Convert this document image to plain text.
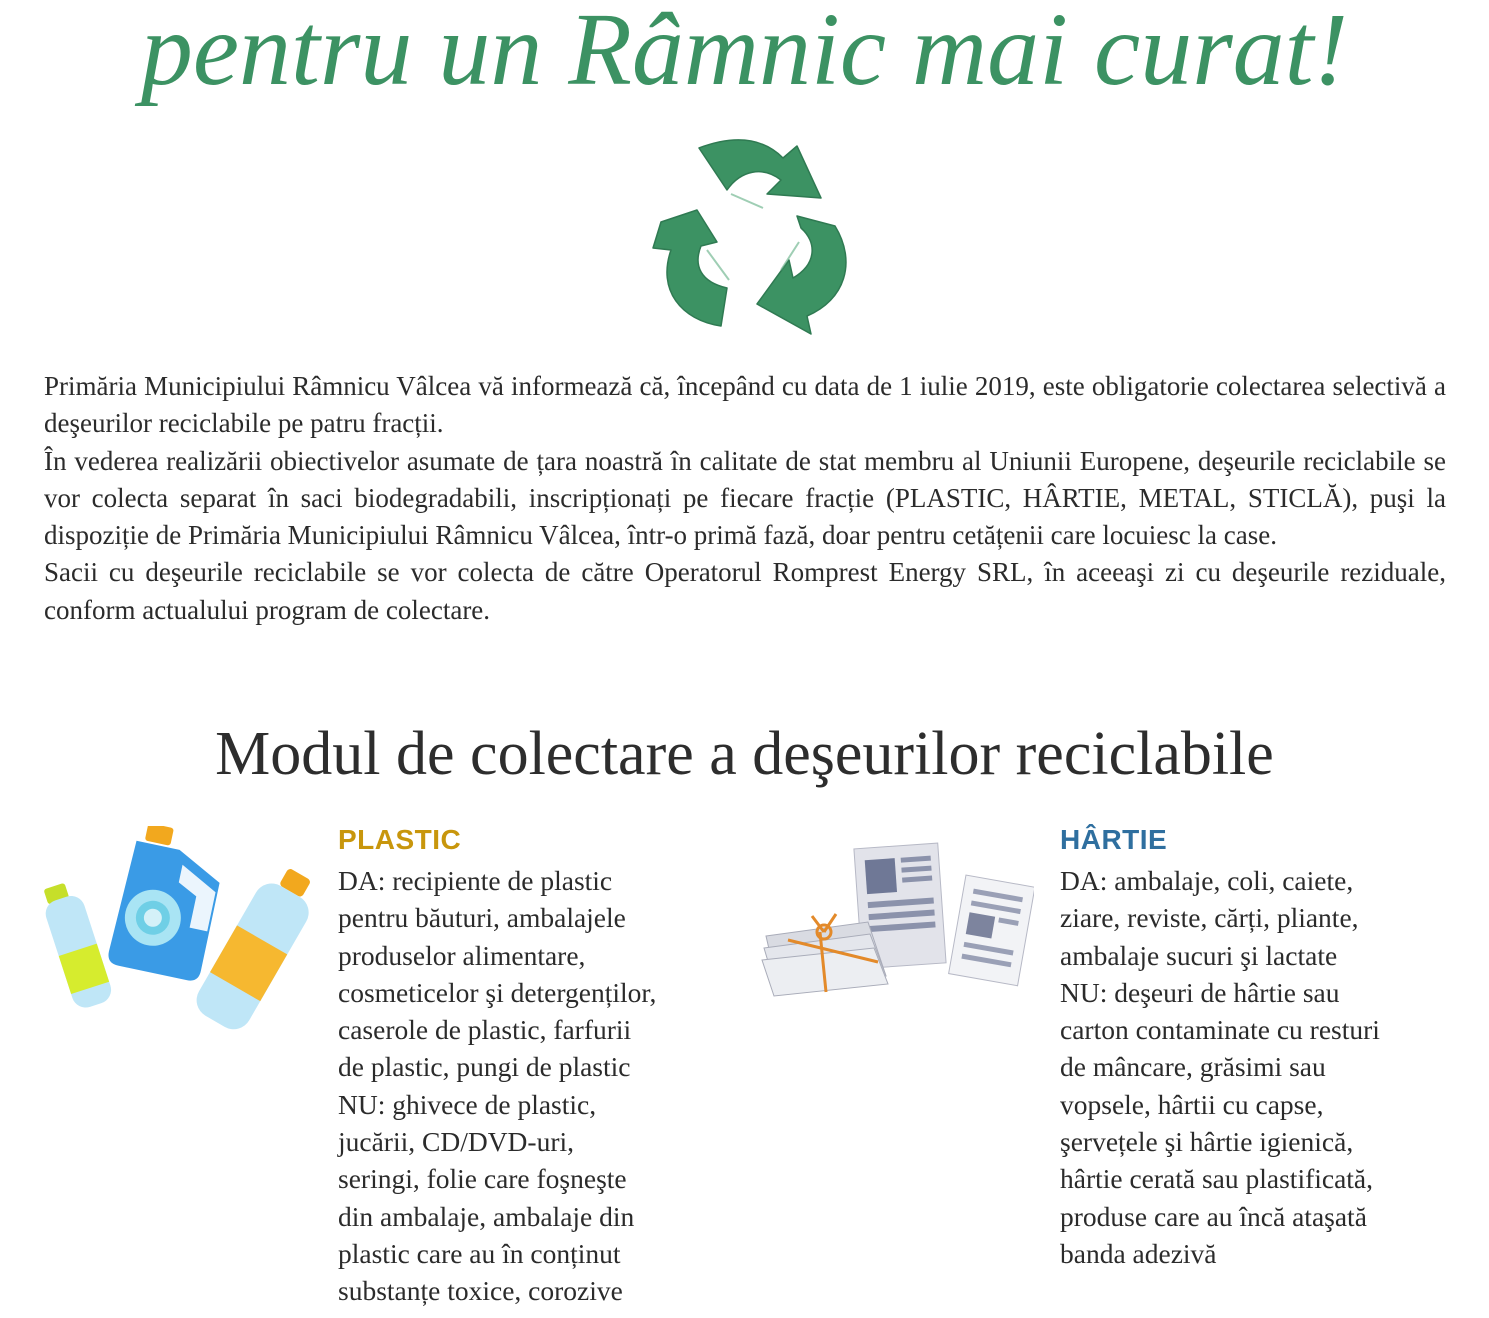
pentru un Râmnic mai curat!

Primăria Municipiului Râmnicu Vâlcea vă informează că, începând cu data de 1 iulie 2019, este obligatorie colectarea selectivă a deşeurilor reciclabile pe patru fracții.

În vederea realizării obiectivelor asumate de țara noastră în calitate de stat membru al Uniunii Europene, deşeurile reciclabile se vor colecta separat în saci biodegradabili, inscripționați pe fiecare fracție (PLASTIC, HÂRTIE, METAL, STICLĂ), puşi la dispoziție de Primăria Municipiului Râmnicu Vâlcea, într-o primă fază, doar pentru cetățenii care locuiesc la case.

Sacii cu deşeurile reciclabile se vor colecta de către Operatorul Romprest Energy SRL, în aceeaşi zi cu deşeurile reziduale, conform actualului program de colectare.

Modul de colectare a deşeurilor reciclabile
PLASTIC
DA: recipiente de plastic
pentru băuturi, ambalajele
produselor alimentare,
cosmeticelor şi detergenților,
caserole de plastic, farfurii
de plastic, pungi de plastic
NU: ghivece de plastic,
jucării, CD/DVD-uri,
seringi, folie care foşneşte
din ambalaje, ambalaje din
plastic care au în conținut
substanțe toxice, corozive
HÂRTIE
DA: ambalaje, coli, caiete,
ziare, reviste, cărți, pliante,
ambalaje sucuri şi lactate
NU: deşeuri de hârtie sau
carton contaminate cu resturi
de mâncare, grăsimi sau
vopsele, hârtii cu capse,
şervețele şi hârtie igienică,
hârtie cerată sau plastificată,
produse care au încă ataşată
banda adezivă
